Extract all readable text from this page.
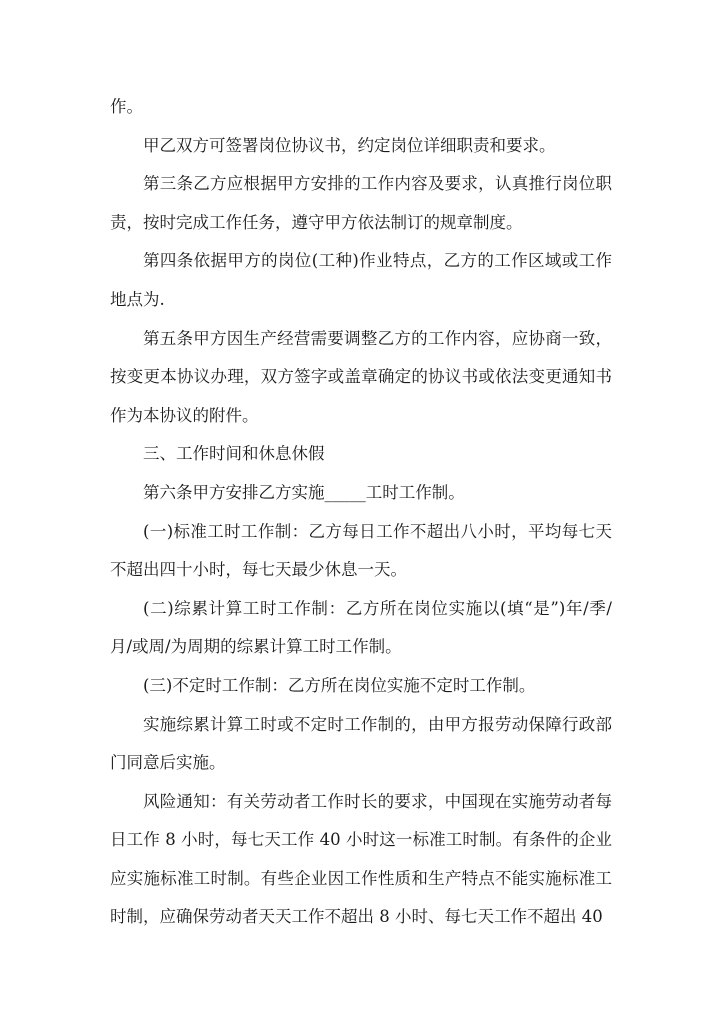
作。

甲乙双方可签署岗位协议书，约定岗位详细职责和要求。

第三条乙方应根据甲方安排的工作内容及要求，认真推行岗位职责，按时完成工作任务，遵守甲方依法制订的规章制度。

第四条依据甲方的岗位(工种)作业特点，乙方的工作区域或工作地点为.

第五条甲方因生产经营需要调整乙方的工作内容，应协商一致，按变更本协议办理，双方签字或盖章确定的协议书或依法变更通知书作为本协议的附件。

三、工作时间和休息休假

第六条甲方安排乙方实施_____工时工作制。

(一)标准工时工作制：乙方每日工作不超出八小时，平均每七天不超出四十小时，每七天最少休息一天。

(二)综累计算工时工作制：乙方所在岗位实施以(填“是”)年/季/月/或周/为周期的综累计算工时工作制。

(三)不定时工作制：乙方所在岗位实施不定时工作制。

实施综累计算工时或不定时工作制的，由甲方报劳动保障行政部门同意后实施。

风险通知：有关劳动者工作时长的要求，中国现在实施劳动者每日工作 8 小时，每七天工作 40 小时这一标准工时制。有条件的企业应实施标准工时制。有些企业因工作性质和生产特点不能实施标准工时制，应确保劳动者天天工作不超出 8 小时、每七天工作不超出 40
